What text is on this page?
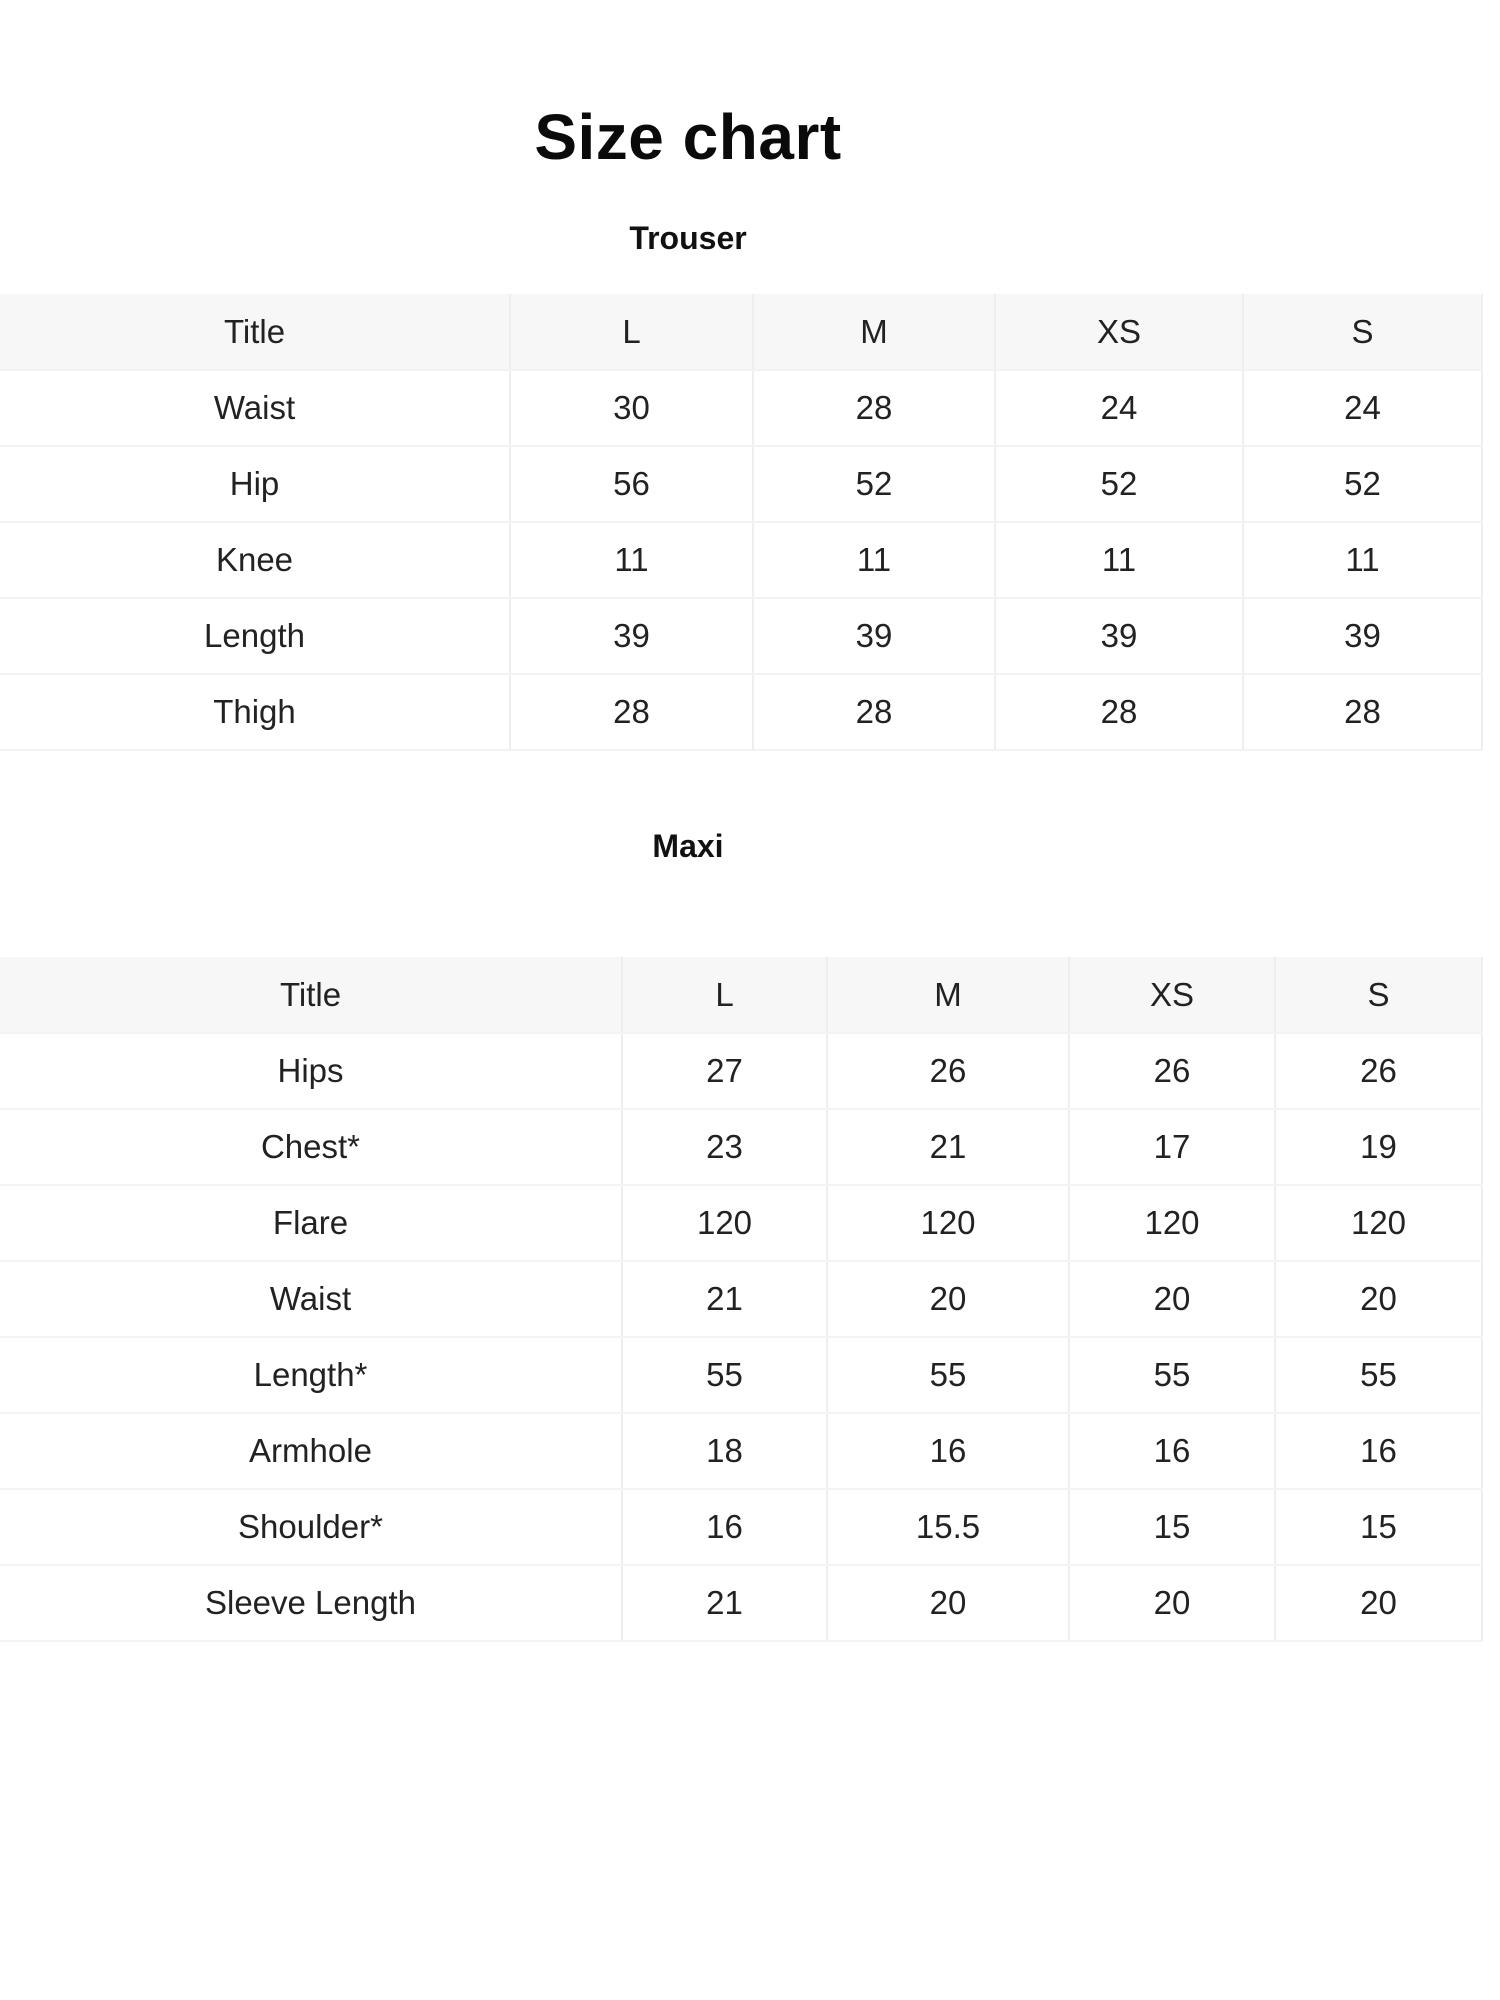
Size chart
Trouser
Title	L	M	XS	S
Waist	30	28	24	24
Hip	56	52	52	52
Knee	11	11	11	11
Length	39	39	39	39
Thigh	28	28	28	28
Maxi
Title	L	M	XS	S
Hips	27	26	26	26
Chest*	23	21	17	19
Flare	120	120	120	120
Waist	21	20	20	20
Length*	55	55	55	55
Armhole	18	16	16	16
Shoulder*	16	15.5	15	15
Sleeve Length	21	20	20	20
